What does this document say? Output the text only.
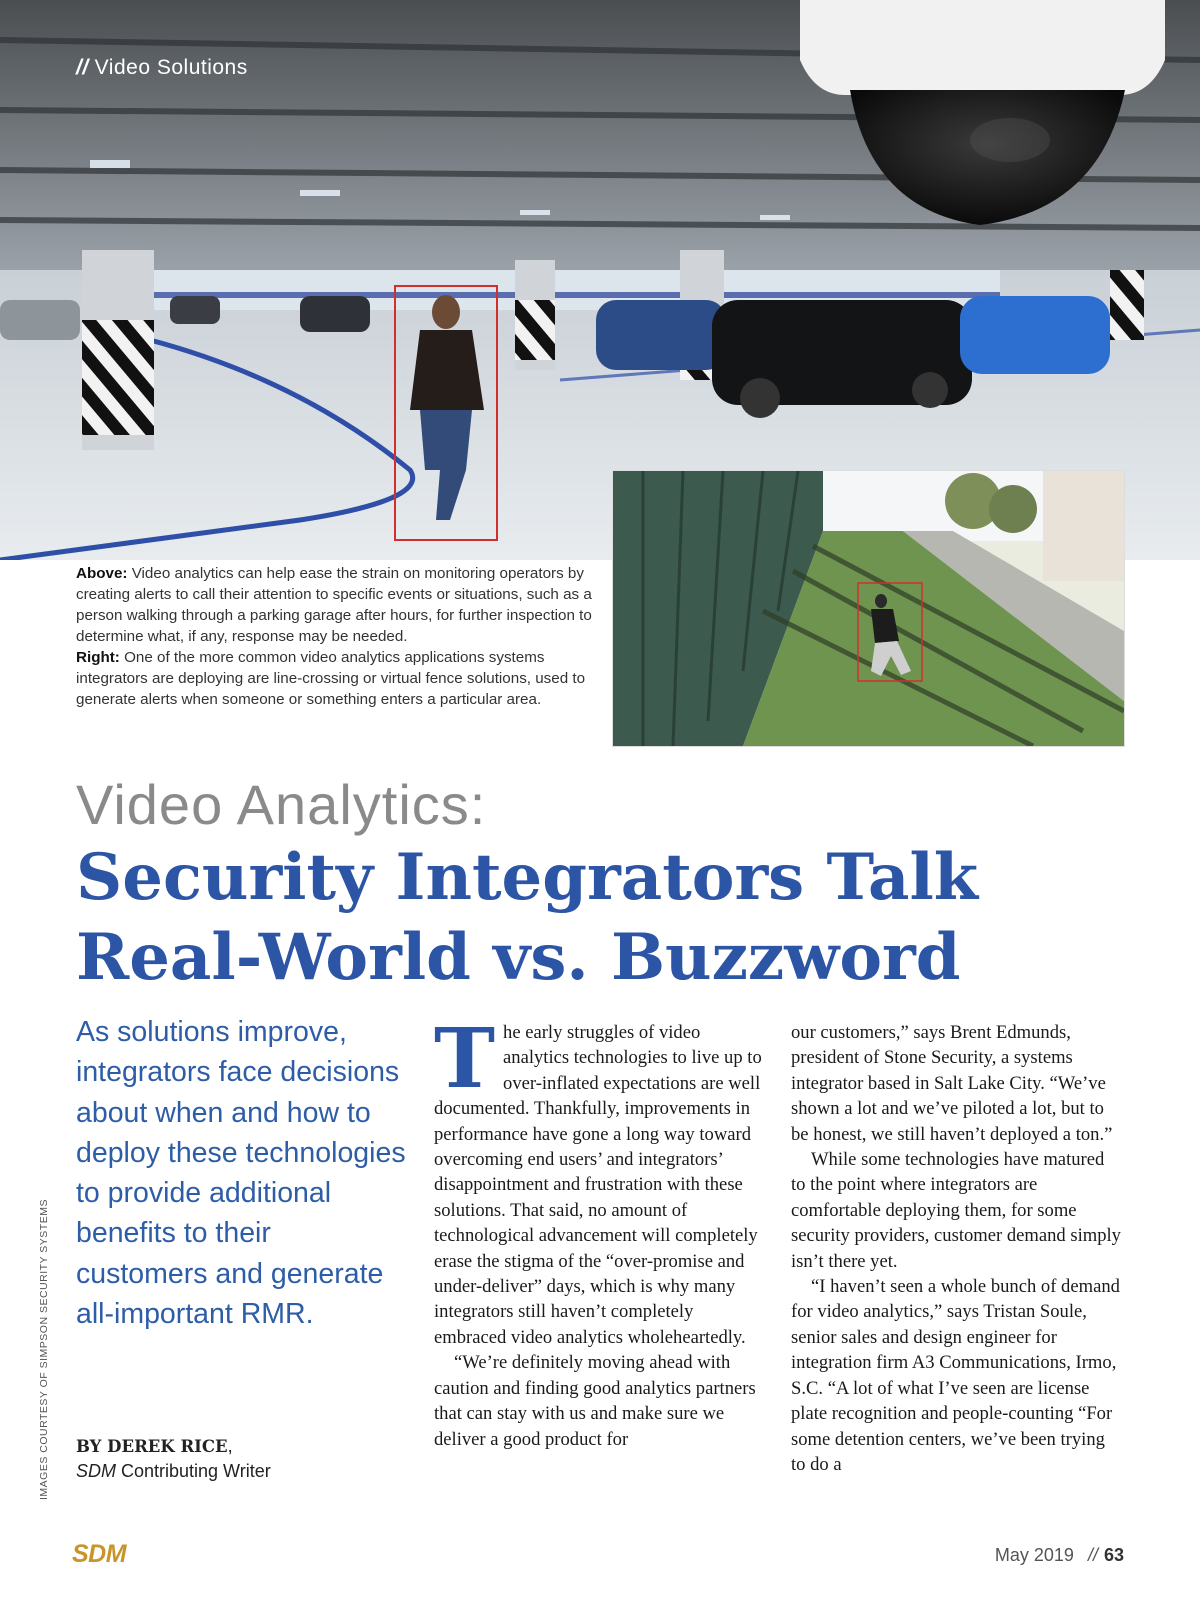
// Video Solutions
Above: Video analytics can help ease the strain on monitoring operators by creating alerts to call their attention to specific events or situations, such as a person walking through a parking garage after hours, for further inspection to determine what, if any, response may be needed.
Right: One of the more common video analytics applications systems integrators are deploying are line-crossing or virtual fence solutions, used to generate alerts when someone or something enters a particular area.
Video Analytics:
Security Integrators Talk
Real-World vs. Buzzword
As solutions improve, integrators face decisions about when and how to deploy these technologies to provide additional benefits to their customers and generate all-important RMR.
BY DEREK RICE,
SDM Contributing Writer
IMAGES COURTESY OF SIMPSON SECURITY SYSTEMS

The early struggles of video analytics technologies to live up to over-inflated expectations are well documented. Thankfully, improvements in performance have gone a long way toward overcoming end users’ and integrators’ disappointment and frustration with these solutions. That said, no amount of technological advancement will completely erase the stigma of the “over-promise and under-deliver” days, which is why many integrators still haven’t completely embraced video analytics wholeheartedly.

“We’re definitely moving ahead with caution and finding good analytics partners that can stay with us and make sure we deliver a good product for

our customers,” says Brent Edmunds, president of Stone Security, a systems integrator based in Salt Lake City. “We’ve shown a lot and we’ve piloted a lot, but to be honest, we still haven’t deployed a ton.”

While some technologies have matured to the point where integrators are comfortable deploying them, for some security providers, customer demand simply isn’t there yet.

“I haven’t seen a whole bunch of demand for video analytics,” says Tristan Soule, senior sales and design engineer for integration firm A3 Communications, Irmo, S.C. “A lot of what I’ve seen are license plate recognition and people-counting “For some detention centers, we’ve been trying to do a

SDM	May 2019 // 63
